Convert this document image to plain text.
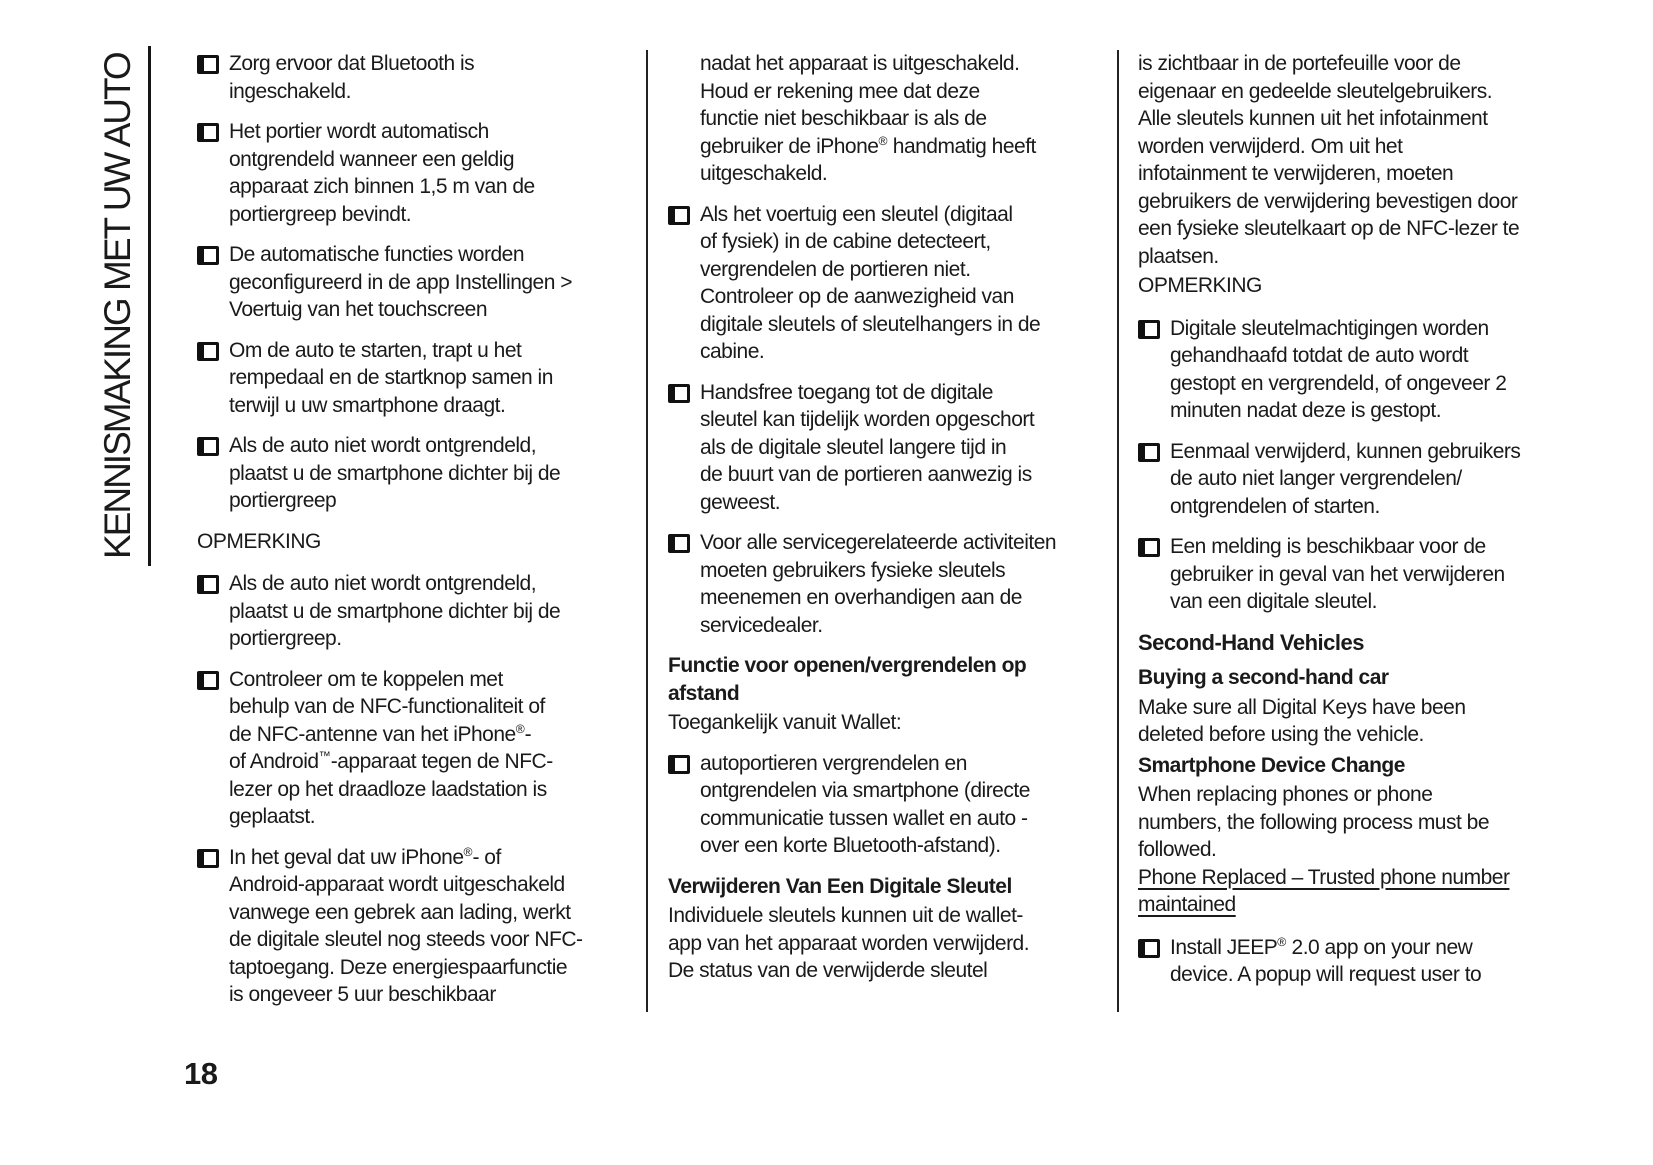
KENNISMAKING MET UW AUTO	Zorg ervoor dat Bluetooth is
ingeschakeld.
Het portier wordt automatisch
ontgrendeld wanneer een geldig
apparaat zich binnen 1,5 m van de
portiergreep bevindt.
De automatische functies worden
geconfigureerd in de app Instellingen >
Voertuig van het touchscreen
Om de auto te starten, trapt u het
rempedaal en de startknop samen in
terwijl u uw smartphone draagt.
Als de auto niet wordt ontgrendeld,
plaatst u de smartphone dichter bij de
portiergreep
OPMERKING
Als de auto niet wordt ontgrendeld,
plaatst u de smartphone dichter bij de
portiergreep.
Controleer om te koppelen met
behulp van de NFC-functionaliteit of
de NFC-antenne van het iPhone®-
of Android™-apparaat tegen de NFC-
lezer op het draadloze laadstation is
geplaatst.
In het geval dat uw iPhone®- of
Android-apparaat wordt uitgeschakeld
vanwege een gebrek aan lading, werkt
de digitale sleutel nog steeds voor NFC-
taptoegang. Deze energiespaarfunctie
is ongeveer 5 uur beschikbaar
nadat het apparaat is uitgeschakeld.
Houd er rekening mee dat deze
functie niet beschikbaar is als de
gebruiker de iPhone® handmatig heeft
uitgeschakeld.
Als het voertuig een sleutel (digitaal
of fysiek) in de cabine detecteert,
vergrendelen de portieren niet.
Controleer op de aanwezigheid van
digitale sleutels of sleutelhangers in de
cabine.
Handsfree toegang tot de digitale
sleutel kan tijdelijk worden opgeschort
als de digitale sleutel langere tijd in
de buurt van de portieren aanwezig is
geweest.
Voor alle servicegerelateerde activiteiten
moeten gebruikers fysieke sleutels
meenemen en overhandigen aan de
servicedealer.
Functie voor openen/vergrendelen op
afstand
Toegankelijk vanuit Wallet:
autoportieren vergrendelen en
ontgrendelen via smartphone (directe
communicatie tussen wallet en auto -
over een korte Bluetooth-afstand).
Verwijderen Van Een Digitale Sleutel
Individuele sleutels kunnen uit de wallet-
app van het apparaat worden verwijderd.
De status van de verwijderde sleutel
is zichtbaar in de portefeuille voor de
eigenaar en gedeelde sleutelgebruikers.
Alle sleutels kunnen uit het infotainment
worden verwijderd. Om uit het
infotainment te verwijderen, moeten
gebruikers de verwijdering bevestigen door
een fysieke sleutelkaart op de NFC-lezer te
plaatsen.
OPMERKING
Digitale sleutelmachtigingen worden
gehandhaafd totdat de auto wordt
gestopt en vergrendeld, of ongeveer 2
minuten nadat deze is gestopt.
Eenmaal verwijderd, kunnen gebruikers
de auto niet langer vergrendelen/
ontgrendelen of starten.
Een melding is beschikbaar voor de
gebruiker in geval van het verwijderen
van een digitale sleutel.
Second-Hand Vehicles
Buying a second-hand car
Make sure all Digital Keys have been
deleted before using the vehicle.
Smartphone Device Change
When replacing phones or phone
numbers, the following process must be
followed.
Phone Replaced – Trusted phone number
maintained
Install JEEP® 2.0 app on your new
device. A popup will request user to
18
